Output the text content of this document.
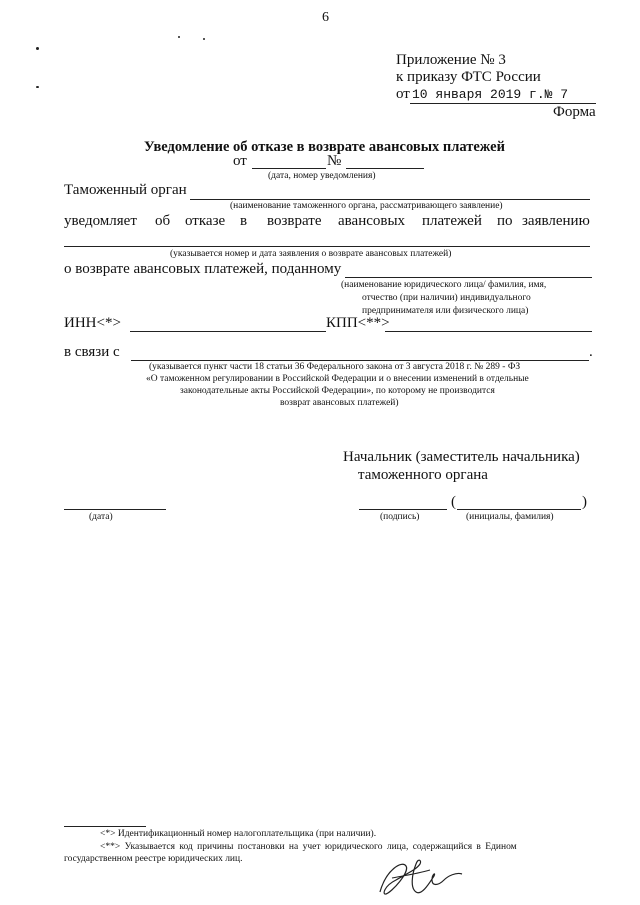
6
Приложение № 3
к приказу ФТС России
от 10 января 2019 г.№ 7
Форма
Уведомление об отказе в возврате авансовых платежей
от	№
(дата, номер уведомления)
Таможенный орган
(наименование таможенного органа, рассматривающего заявление)
уведомляет об отказе в возврате авансовых платежей по заявлению
(указывается номер и дата заявления о возврате авансовых платежей)
о возврате авансовых платежей, поданному
(наименование юридического лица/ фамилия, имя,
отчество (при наличии) индивидуального
предпринимателя или физического лица)
ИНН<*>	КПП<**>
в связи с	.
(указывается пункт части 18 статьи 36 Федерального закона от 3 августа 2018 г. № 289 - ФЗ
«О таможенном регулировании в Российской Федерации и о внесении изменений в отдельные
законодательные акты Российской Федерации», по которому не производится
возврат авансовых платежей)
Начальник (заместитель начальника)
таможенного органа
(дата)
(	)
(подпись)	(инициалы, фамилия)
<*> Идентификационный номер налогоплательщика (при наличии).
<**> Указывается код причины постановки на учет юридического лица, содержащийся в Едином
государственном реестре юридических лиц.
